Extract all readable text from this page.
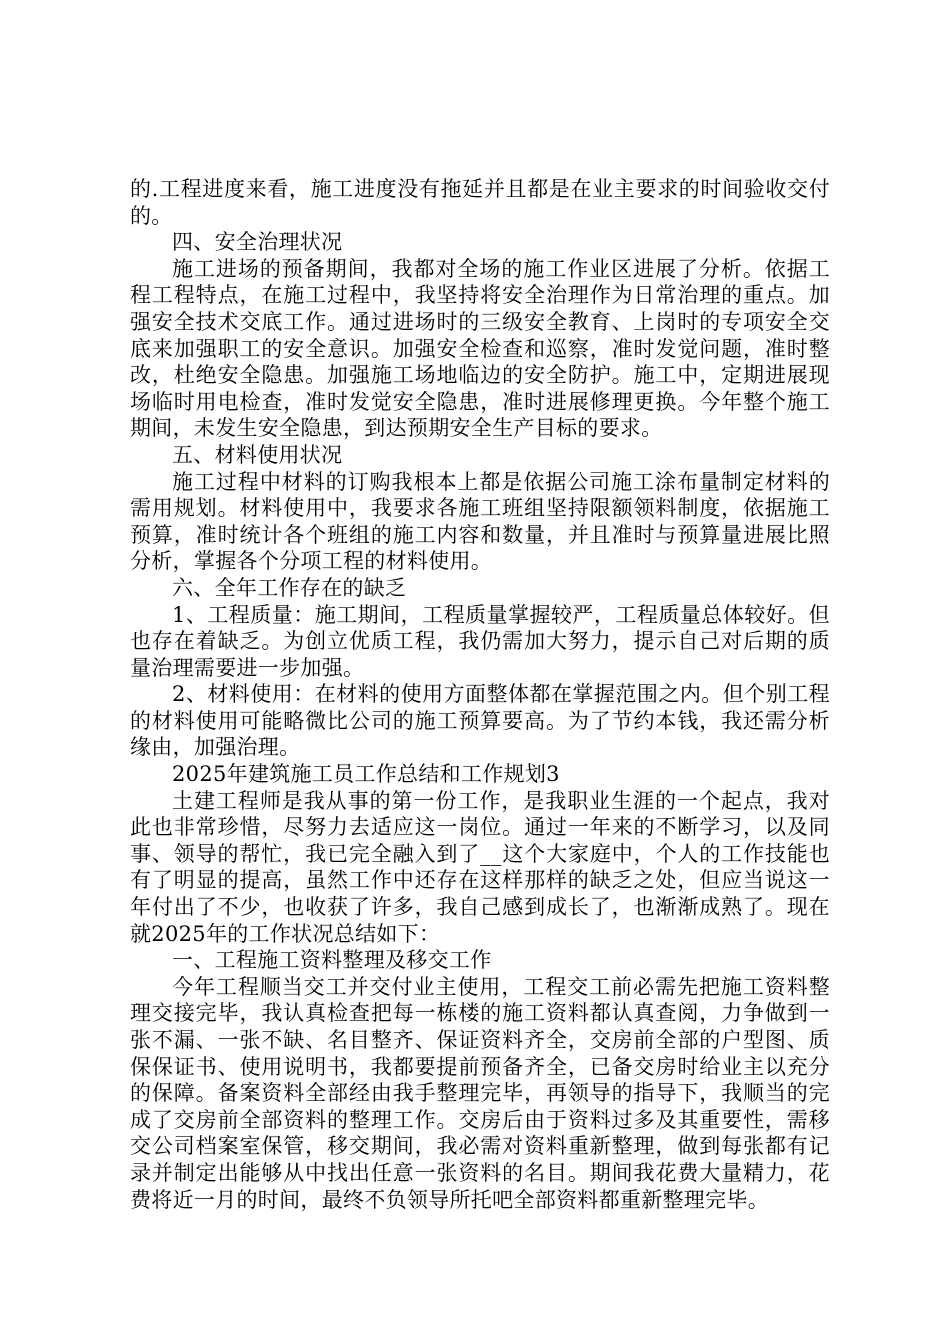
的.工程进度来看，施工进度没有拖延并且都是在业主要求的时间验收交付的。

四、安全治理状况

施工进场的预备期间，我都对全场的施工作业区进展了分析。依据工程工程特点，在施工过程中，我坚持将安全治理作为日常治理的重点。加强安全技术交底工作。通过进场时的三级安全教育、上岗时的专项安全交底来加强职工的安全意识。加强安全检查和巡察，准时发觉问题，准时整改，杜绝安全隐患。加强施工场地临边的安全防护。施工中，定期进展现场临时用电检查，准时发觉安全隐患，准时进展修理更换。今年整个施工期间，未发生安全隐患，到达预期安全生产目标的要求。

五、材料使用状况

施工过程中材料的订购我根本上都是依据公司施工涂布量制定材料的需用规划。材料使用中，我要求各施工班组坚持限额领料制度，依据施工预算，准时统计各个班组的施工内容和数量，并且准时与预算量进展比照分析，掌握各个分项工程的材料使用。

六、全年工作存在的缺乏

1、工程质量：施工期间，工程质量掌握较严，工程质量总体较好。但也存在着缺乏。为创立优质工程，我仍需加大努力，提示自己对后期的质量治理需要进一步加强。

2、材料使用：在材料的使用方面整体都在掌握范围之内。但个别工程的材料使用可能略微比公司的施工预算要高。为了节约本钱，我还需分析缘由，加强治理。

2025年建筑施工员工作总结和工作规划3

土建工程师是我从事的第一份工作，是我职业生涯的一个起点，我对此也非常珍惜，尽努力去适应这一岗位。通过一年来的不断学习，以及同事、领导的帮忙，我已完全融入到了__这个大家庭中，个人的工作技能也有了明显的提高，虽然工作中还存在这样那样的缺乏之处，但应当说这一年付出了不少，也收获了许多，我自己感到成长了，也渐渐成熟了。现在就2025年的工作状况总结如下：

一、工程施工资料整理及移交工作

今年工程顺当交工并交付业主使用，工程交工前必需先把施工资料整理交接完毕，我认真检查把每一栋楼的施工资料都认真查阅，力争做到一张不漏、一张不缺、名目整齐、保证资料齐全，交房前全部的户型图、质保保证书、使用说明书，我都要提前预备齐全，已备交房时给业主以充分的保障。备案资料全部经由我手整理完毕，再领导的指导下，我顺当的完成了交房前全部资料的整理工作。交房后由于资料过多及其重要性，需移交公司档案室保管，移交期间，我必需对资料重新整理，做到每张都有记录并制定出能够从中找出任意一张资料的名目。期间我花费大量精力，花费将近一月的时间，最终不负领导所托吧全部资料都重新整理完毕。
